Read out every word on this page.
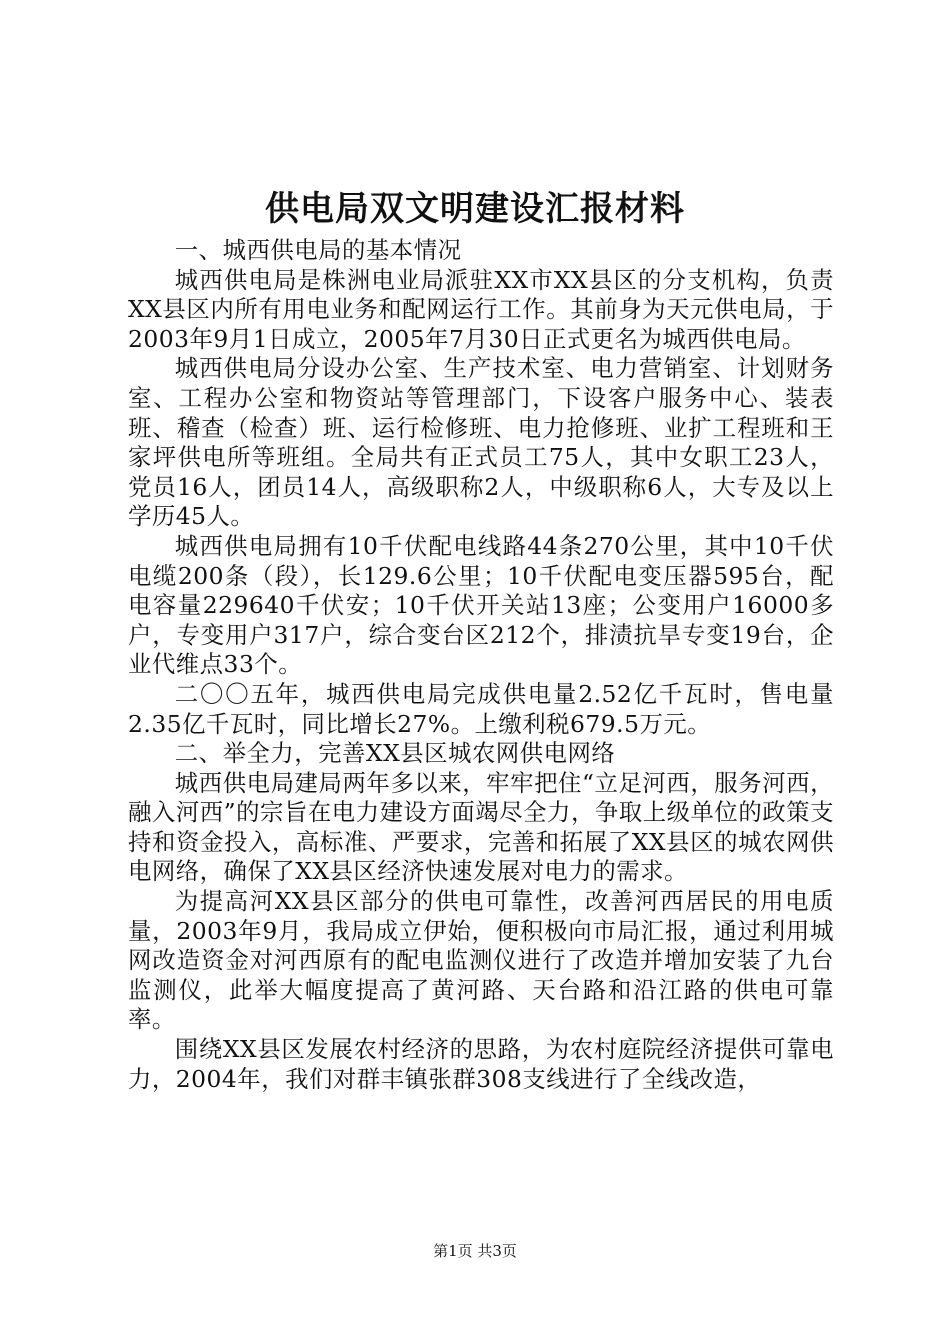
供电局双文明建设汇报材料

一、城西供电局的基本情况

城西供电局是株洲电业局派驻XX市XX县区的分支机构，负责XX县区内所有用电业务和配网运行工作。其前身为天元供电局，于2003年9月1日成立，2005年7月30日正式更名为城西供电局。

城西供电局分设办公室、生产技术室、电力营销室、计划财务室、工程办公室和物资站等管理部门，下设客户服务中心、装表班、稽查（检查）班、运行检修班、电力抢修班、业扩工程班和王家坪供电所等班组。全局共有正式员工75人，其中女职工23人，党员16人，团员14人，高级职称2人，中级职称6人，大专及以上学历45人。

城西供电局拥有10千伏配电线路44条270公里，其中10千伏电缆200条（段），长129.6公里；10千伏配电变压器595台，配电容量229640千伏安；10千伏开关站13座；公变用户16000多户，专变用户317户，综合变台区212个，排渍抗旱专变19台，企业代维点33个。

二〇〇五年，城西供电局完成供电量2.52亿千瓦时，售电量2.35亿千瓦时，同比增长27%。上缴利税679.5万元。

二、举全力，完善XX县区城农网供电网络

城西供电局建局两年多以来，牢牢把住“立足河西，服务河西，融入河西”的宗旨在电力建设方面竭尽全力，争取上级单位的政策支持和资金投入，高标准、严要求，完善和拓展了XX县区的城农网供电网络，确保了XX县区经济快速发展对电力的需求。

为提高河XX县区部分的供电可靠性，改善河西居民的用电质量，2003年9月，我局成立伊始，便积极向市局汇报，通过利用城网改造资金对河西原有的配电监测仪进行了改造并增加安装了九台监测仪，此举大幅度提高了黄河路、天台路和沿江路的供电可靠率。

围绕XX县区发展农村经济的思路，为农村庭院经济提供可靠电力，2004年，我们对群丰镇张群308支线进行了全线改造，

第1页 共3页
